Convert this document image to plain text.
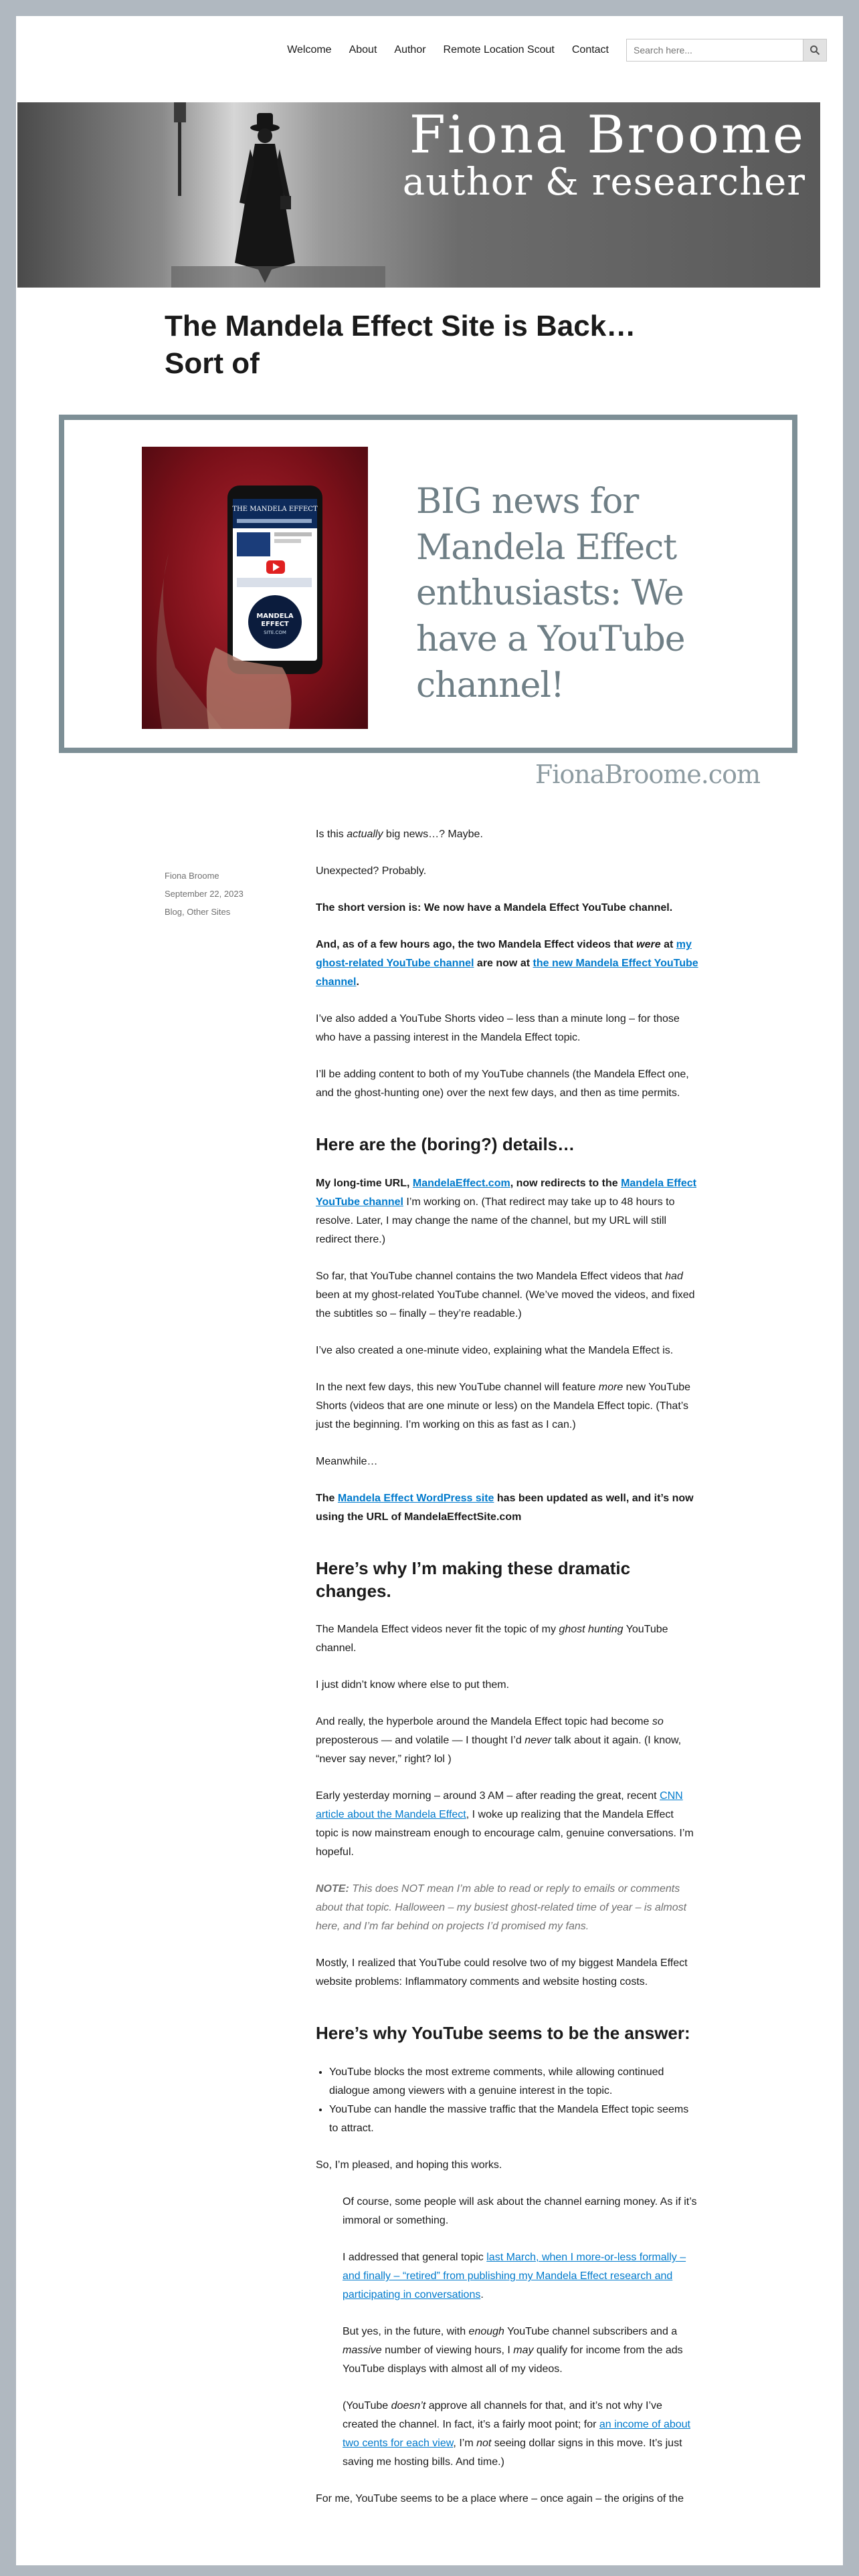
Welcome About Author Remote Location Scout Contact
Search here...
Fiona Broome
author & researcher
The Mandela Effect Site is Back… Sort of
THE MANDELA EFFECT
MANDELA
EFFECT
SITE.COM
BIG news for Mandela Effect enthusiasts: We have a YouTube channel!
FionaBroome.com
Fiona Broome
September 22, 2023
Blog, Other Sites

Is this actually big news…? Maybe.

Unexpected? Probably.

The short version is: We now have a Mandela Effect YouTube channel.

And, as of a few hours ago, the two Mandela Effect videos that were at my ghost-related YouTube channel are now at the new Mandela Effect YouTube channel.

I’ve also added a YouTube Shorts video – less than a minute long – for those who have a passing interest in the Mandela Effect topic.

I’ll be adding content to both of my YouTube channels (the Mandela Effect one, and the ghost-hunting one) over the next few days, and then as time permits.

Here are the (boring?) details…

My long-time URL, MandelaEffect.com, now redirects to the Mandela Effect YouTube channel I’m working on. (That redirect may take up to 48 hours to resolve. Later, I may change the name of the channel, but my URL will still redirect there.)

So far, that YouTube channel contains the two Mandela Effect videos that had been at my ghost-related YouTube channel. (We’ve moved the videos, and fixed the subtitles so – finally – they’re readable.)

I’ve also created a one-minute video, explaining what the Mandela Effect is.

In the next few days, this new YouTube channel will feature more new YouTube Shorts (videos that are one minute or less) on the Mandela Effect topic. (That’s just the beginning. I’m working on this as fast as I can.)

Meanwhile…

The Mandela Effect WordPress site has been updated as well, and it’s now using the URL of MandelaEffectSite.com

Here’s why I’m making these dramatic changes.

The Mandela Effect videos never fit the topic of my ghost hunting YouTube channel.

I just didn’t know where else to put them.

And really, the hyperbole around the Mandela Effect topic had become so preposterous — and volatile — I thought I’d never talk about it again. (I know, “never say never,” right? lol )

Early yesterday morning – around 3 AM – after reading the great, recent CNN article about the Mandela Effect, I woke up realizing that the Mandela Effect topic is now mainstream enough to encourage calm, genuine conversations. I’m hopeful.

NOTE: This does NOT mean I’m able to read or reply to emails or comments about that topic. Halloween – my busiest ghost-related time of year – is almost here, and I’m far behind on projects I’d promised my fans.

Mostly, I realized that YouTube could resolve two of my biggest Mandela Effect website problems: Inflammatory comments and website hosting costs.

Here’s why YouTube seems to be the answer:
• YouTube blocks the most extreme comments, while allowing continued dialogue among viewers with a genuine interest in the topic.
• YouTube can handle the massive traffic that the Mandela Effect topic seems to attract.

So, I’m pleased, and hoping this works.

Of course, some people will ask about the channel earning money. As if it’s immoral or something.

I addressed that general topic last March, when I more-or-less formally – and finally – “retired” from publishing my Mandela Effect research and participating in conversations.

But yes, in the future, with enough YouTube channel subscribers and a massive number of viewing hours, I may qualify for income from the ads YouTube displays with almost all of my videos.

(YouTube doesn’t approve all channels for that, and it’s not why I’ve created the channel. In fact, it’s a fairly moot point; for an income of about two cents for each view, I’m not seeing dollar signs in this move. It’s just saving me hosting bills. And time.)

For me, YouTube seems to be a place where – once again – the origins of the
